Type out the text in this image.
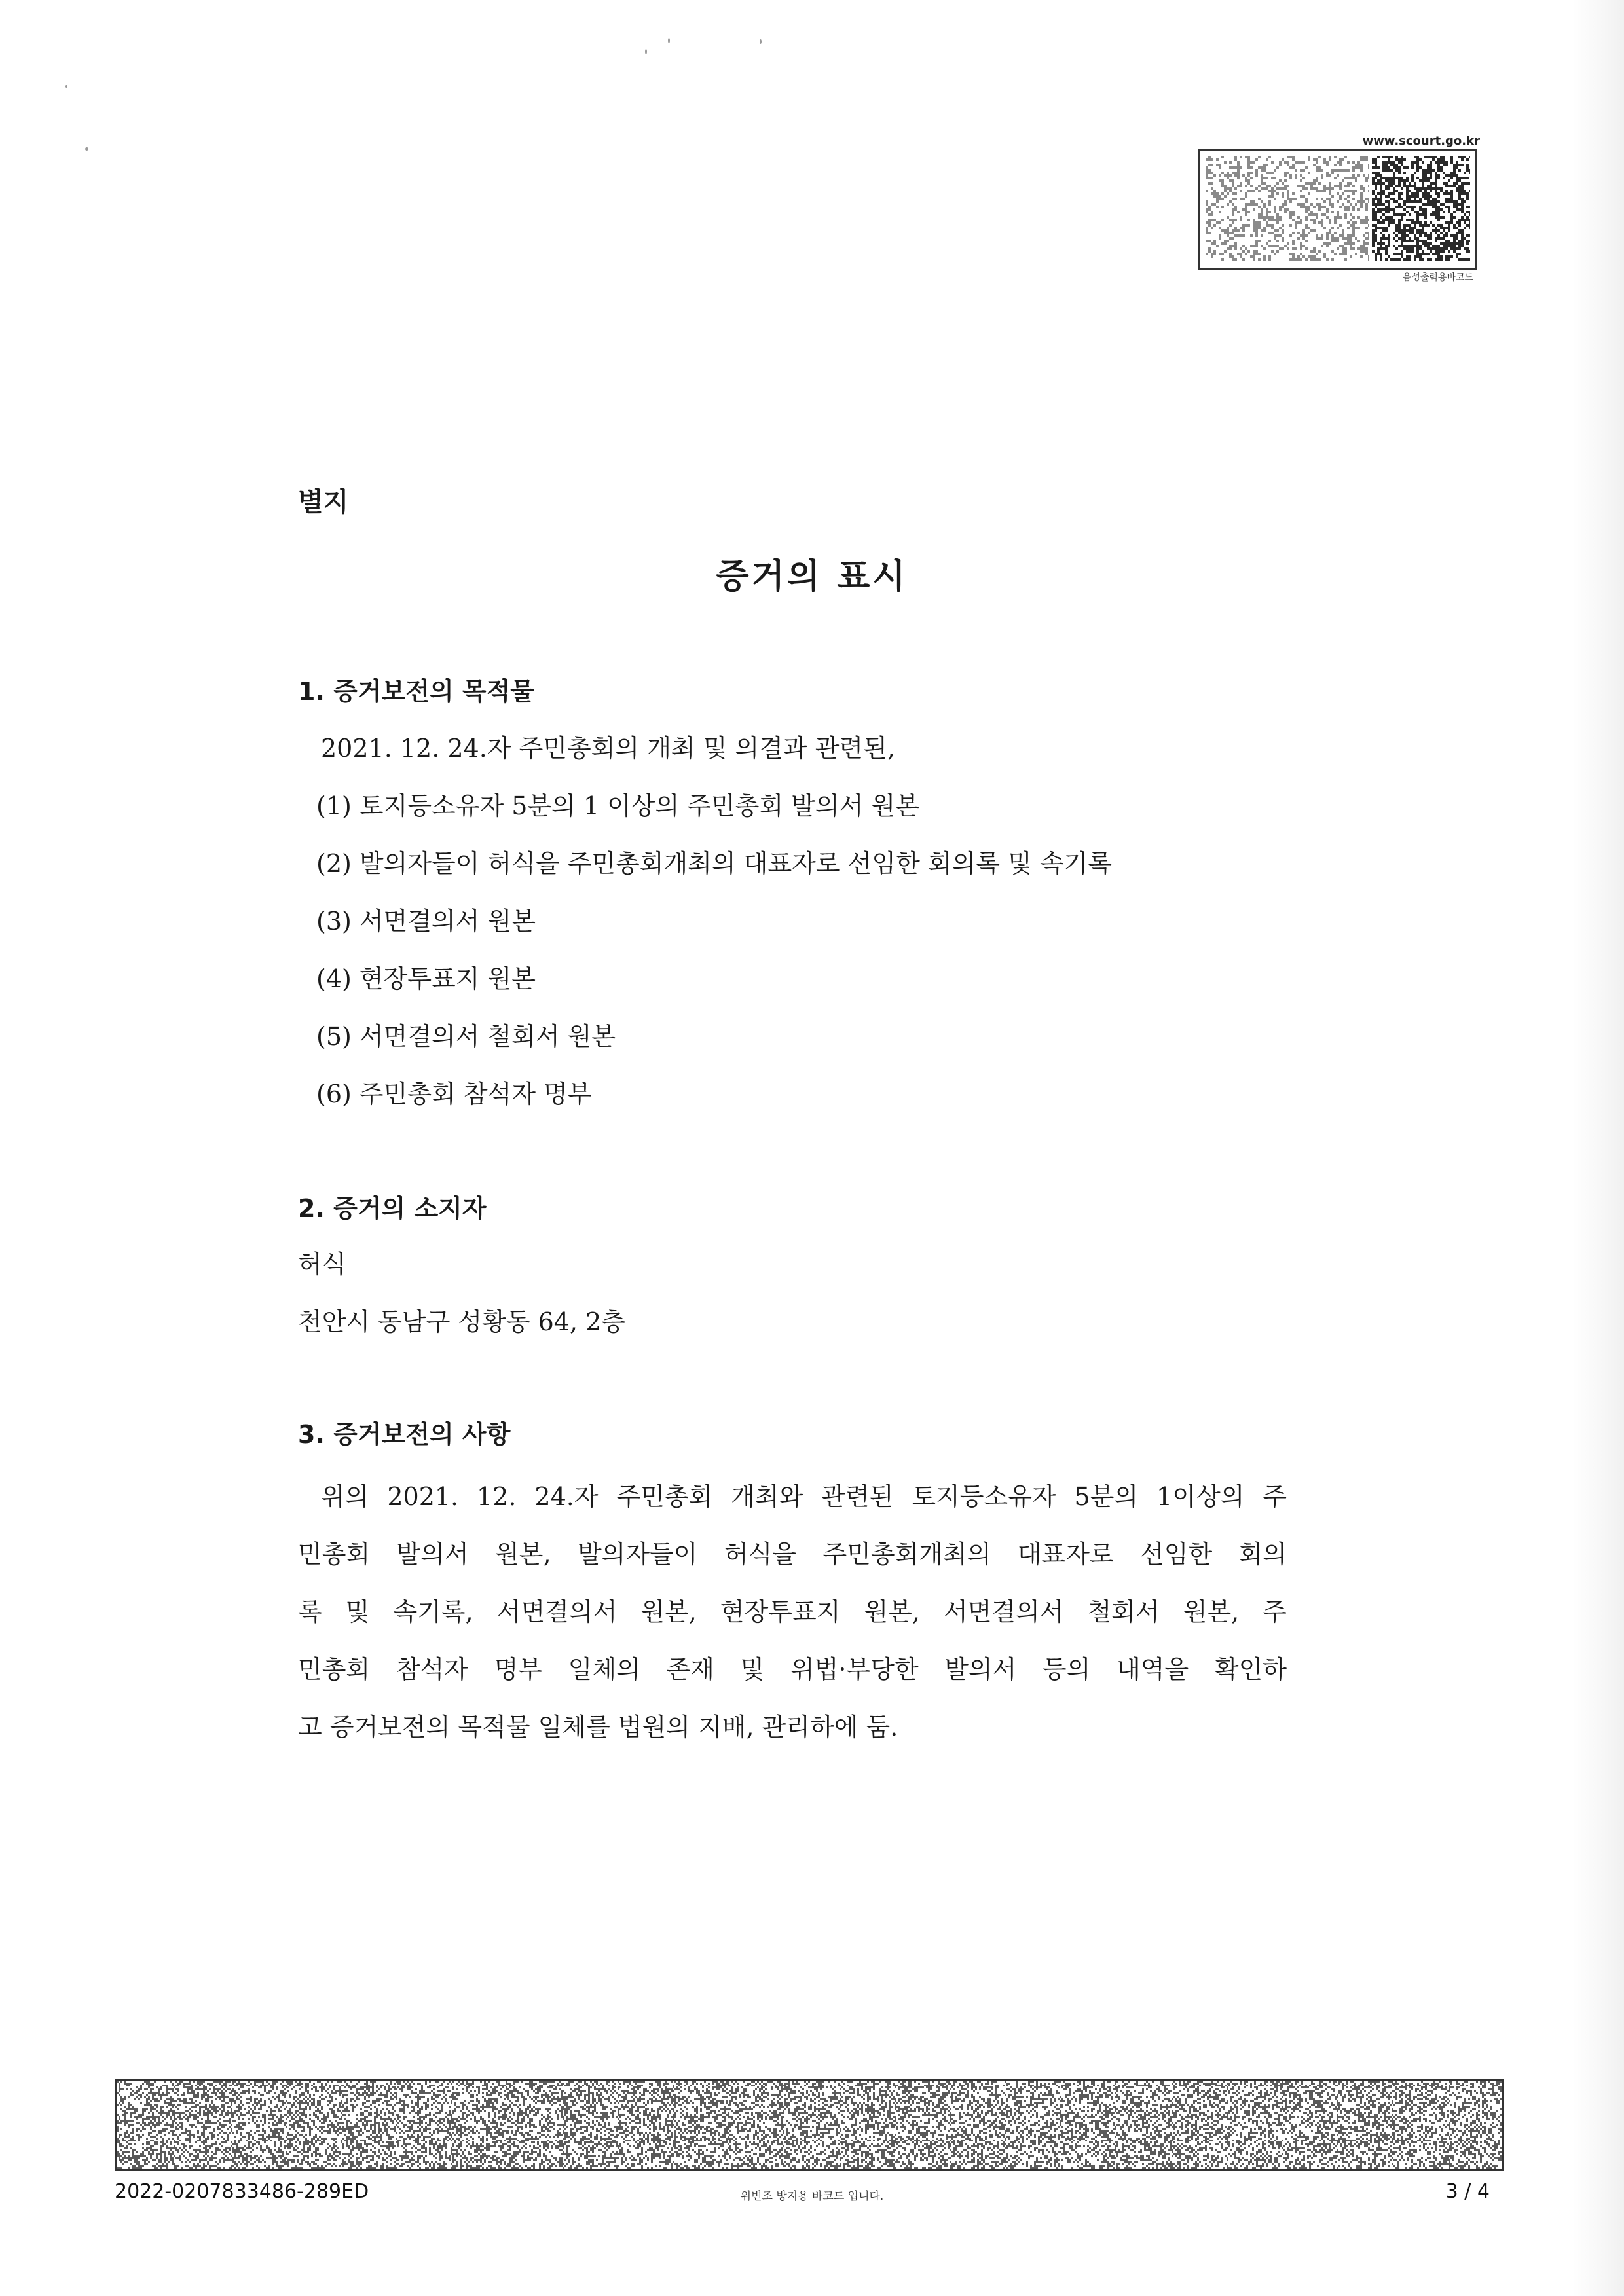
www.scourt.go.kr
음성출력용바코드
별지
증거의 표시
1. 증거보전의 목적물

2021. 12. 24.자 주민총회의 개최 및 의결과 관련된,

(1) 토지등소유자 5분의 1 이상의 주민총회 발의서 원본

(2) 발의자들이 허식을 주민총회개최의 대표자로 선임한 회의록 및 속기록

(3) 서면결의서 원본

(4) 현장투표지 원본

(5) 서면결의서 철회서 원본

(6) 주민총회 참석자 명부

2. 증거의 소지자

허식

천안시 동남구 성황동 64, 2층

3. 증거보전의 사항

위의 2021. 12. 24.자 주민총회 개최와 관련된 토지등소유자 5분의 1이상의 주

민총회 발의서 원본, 발의자들이 허식을 주민총회개최의 대표자로 선임한 회의

록 및 속기록, 서면결의서 원본, 현장투표지 원본, 서면결의서 철회서 원본, 주

민총회 참석자 명부 일체의 존재 및 위법·부당한 발의서 등의 내역을 확인하

고 증거보전의 목적물 일체를 법원의 지배, 관리하에 둠.

2022-0207833486-289ED	위변조 방지용 바코드 입니다.	3 / 4
